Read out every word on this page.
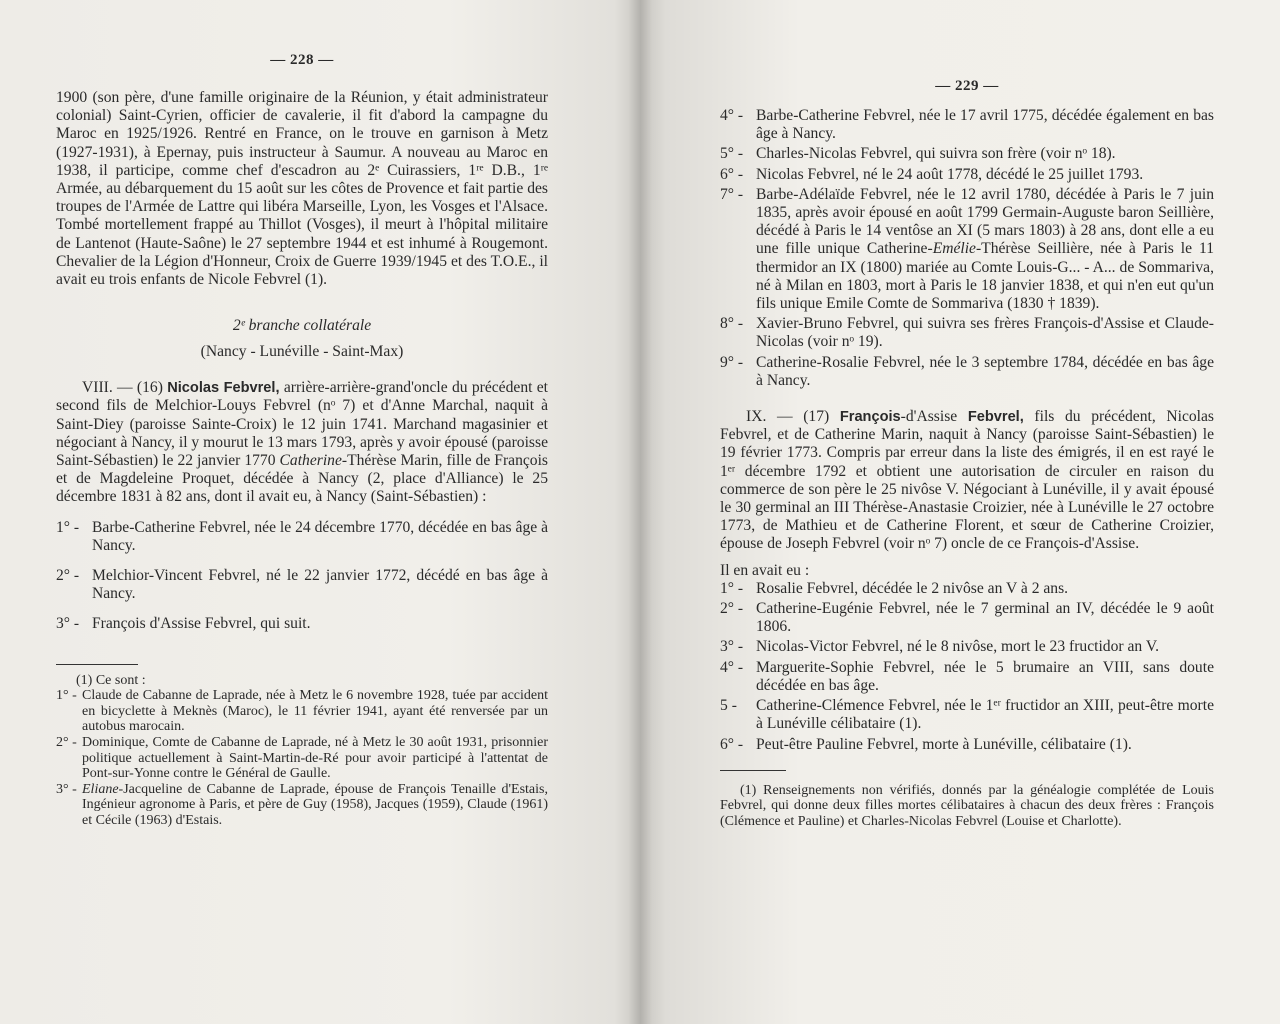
— 228 —

1900 (son père, d'une famille originaire de la Réunion, y était administrateur colonial) Saint-Cyrien, officier de cavalerie, il fit d'abord la campagne du Maroc en 1925/1926. Rentré en France, on le trouve en garnison à Metz (1927-1931), à Epernay, puis instructeur à Saumur. A nouveau au Maroc en 1938, il participe, comme chef d'escadron au 2ᵉ Cuirassiers, 1ʳᵉ D.B., 1ʳᵉ Armée, au débarquement du 15 août sur les côtes de Provence et fait partie des troupes de l'Armée de Lattre qui libéra Marseille, Lyon, les Vosges et l'Alsace. Tombé mortellement frappé au Thillot (Vosges), il meurt à l'hôpital militaire de Lantenot (Haute-Saône) le 27 septembre 1944 et est inhumé à Rougemont. Chevalier de la Légion d'Honneur, Croix de Guerre 1939/1945 et des T.O.E., il avait eu trois enfants de Nicole Febvrel (1).

2ᵉ branche collatérale
(Nancy - Lunéville - Saint-Max)

VIII. — (16) Nicolas Febvrel, arrière-arrière-grand'oncle du précédent et second fils de Melchior-Louys Febvrel (nᵒ 7) et d'Anne Marchal, naquit à Saint-Diey (paroisse Sainte-Croix) le 12 juin 1741. Marchand magasinier et négociant à Nancy, il y mourut le 13 mars 1793, après y avoir épousé (paroisse Saint-Sébastien) le 22 janvier 1770 Catherine-Thérèse Marin, fille de François et de Magdeleine Proquet, décédée à Nancy (2, place d'Alliance) le 25 décembre 1831 à 82 ans, dont il avait eu, à Nancy (Saint-Sébastien) :

1° - Barbe-Catherine Febvrel, née le 24 décembre 1770, décédée en bas âge à Nancy.
2° - Melchior-Vincent Febvrel, né le 22 janvier 1772, décédé en bas âge à Nancy.
3° - François d'Assise Febvrel, qui suit.

(1) Ce sont :

1° - Claude de Cabanne de Laprade, née à Metz le 6 novembre 1928, tuée par accident en bicyclette à Meknès (Maroc), le 11 février 1941, ayant été renversée par un autobus marocain.
2° - Dominique, Comte de Cabanne de Laprade, né à Metz le 30 août 1931, prisonnier politique actuellement à Saint-Martin-de-Ré pour avoir participé à l'attentat de Pont-sur-Yonne contre le Général de Gaulle.
3° - Eliane-Jacqueline de Cabanne de Laprade, épouse de François Tenaille d'Estais, Ingénieur agronome à Paris, et père de Guy (1958), Jacques (1959), Claude (1961) et Cécile (1963) d'Estais.
— 229 —
4° - Barbe-Catherine Febvrel, née le 17 avril 1775, décédée également en bas âge à Nancy.
5° - Charles-Nicolas Febvrel, qui suivra son frère (voir nᵒ 18).
6° - Nicolas Febvrel, né le 24 août 1778, décédé le 25 juillet 1793.
7° - Barbe-Adélaïde Febvrel, née le 12 avril 1780, décédée à Paris le 7 juin 1835, après avoir épousé en août 1799 Germain-Auguste baron Seillière, décédé à Paris le 14 ventôse an XI (5 mars 1803) à 28 ans, dont elle a eu une fille unique Catherine-Emélie-Thérèse Seillière, née à Paris le 11 thermidor an IX (1800) mariée au Comte Louis-G... - A... de Sommariva, né à Milan en 1803, mort à Paris le 18 janvier 1838, et qui n'en eut qu'un fils unique Emile Comte de Sommariva (1830 † 1839).
8° - Xavier-Bruno Febvrel, qui suivra ses frères François-d'Assise et Claude-Nicolas (voir nᵒ 19).
9° - Catherine-Rosalie Febvrel, née le 3 septembre 1784, décédée en bas âge à Nancy.

IX. — (17) François-d'Assise Febvrel, fils du précédent, Nicolas Febvrel, et de Catherine Marin, naquit à Nancy (paroisse Saint-Sébastien) le 19 février 1773. Compris par erreur dans la liste des émigrés, il en est rayé le 1ᵉʳ décembre 1792 et obtient une autorisation de circuler en raison du commerce de son père le 25 nivôse V. Négociant à Lunéville, il y avait épousé le 30 germinal an III Thérèse-Anastasie Croizier, née à Lunéville le 27 octobre 1773, de Mathieu et de Catherine Florent, et sœur de Catherine Croizier, épouse de Joseph Febvrel (voir nᵒ 7) oncle de ce François-d'Assise.

Il en avait eu :

1° - Rosalie Febvrel, décédée le 2 nivôse an V à 2 ans.
2° - Catherine-Eugénie Febvrel, née le 7 germinal an IV, décédée le 9 août 1806.
3° - Nicolas-Victor Febvrel, né le 8 nivôse, mort le 23 fructidor an V.
4° - Marguerite-Sophie Febvrel, née le 5 brumaire an VIII, sans doute décédée en bas âge.
5 -	Catherine-Clémence Febvrel, née le 1ᵉʳ fructidor an XIII, peut-être morte à Lunéville célibataire (1).
6° - Peut-être Pauline Febvrel, morte à Lunéville, célibataire (1).

(1) Renseignements non vérifiés, donnés par la généalogie complétée de Louis Febvrel, qui donne deux filles mortes célibataires à chacun des deux frères : François (Clémence et Pauline) et Charles-Nicolas Febvrel (Louise et Charlotte).
